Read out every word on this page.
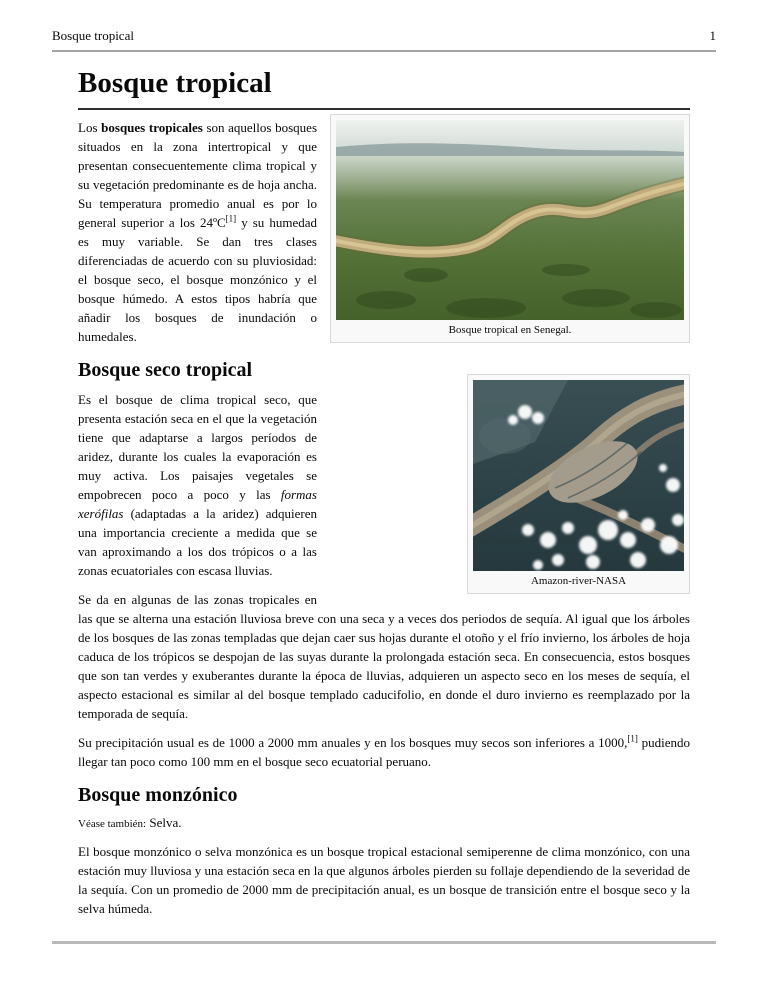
Bosque tropical	1
Bosque tropical
Bosque tropical en Senegal.

Los bosques tropicales son aquellos bosques situados en la zona intertropical y que presentan consecuentemente clima tropical y su vegetación predominante es de hoja ancha. Su temperatura promedio anual es por lo general superior a los 24ºC[1] y su humedad es muy variable. Se dan tres clases diferenciadas de acuerdo con su pluviosidad: el bosque seco, el bosque monzónico y el bosque húmedo. A estos tipos habría que añadir los bosques de inundación o humedales.

Bosque seco tropical
Amazon-river-NASA

Es el bosque de clima tropical seco, que presenta estación seca en el que la vegetación tiene que adaptarse a largos períodos de aridez, durante los cuales la evaporación es muy activa. Los paisajes vegetales se empobrecen poco a poco y las formas xerófilas (adaptadas a la aridez) adquieren una importancia creciente a medida que se van aproximando a los dos trópicos o a las zonas ecuatoriales con escasa lluvias.

Se da en algunas de las zonas tropicales en las que se alterna una estación lluviosa breve con una seca y a veces dos periodos de sequía. Al igual que los árboles de los bosques de las zonas templadas que dejan caer sus hojas durante el otoño y el frío invierno, los árboles de hoja caduca de los trópicos se despojan de las suyas durante la prolongada estación seca. En consecuencia, estos bosques que son tan verdes y exuberantes durante la época de lluvias, adquieren un aspecto seco en los meses de sequía, el aspecto estacional es similar al del bosque templado caducifolio, en donde el duro invierno es reemplazado por la temporada de sequía.

Su precipitación usual es de 1000 a 2000 mm anuales y en los bosques muy secos son inferiores a 1000,[1] pudiendo llegar tan poco como 100 mm en el bosque seco ecuatorial peruano.

Bosque monzónico
Véase también: Selva.

El bosque monzónico o selva monzónica es un bosque tropical estacional semiperenne de clima monzónico, con una estación muy lluviosa y una estación seca en la que algunos árboles pierden su follaje dependiendo de la severidad de la sequía. Con un promedio de 2000 mm de precipitación anual, es un bosque de transición entre el bosque seco y la selva húmeda.
